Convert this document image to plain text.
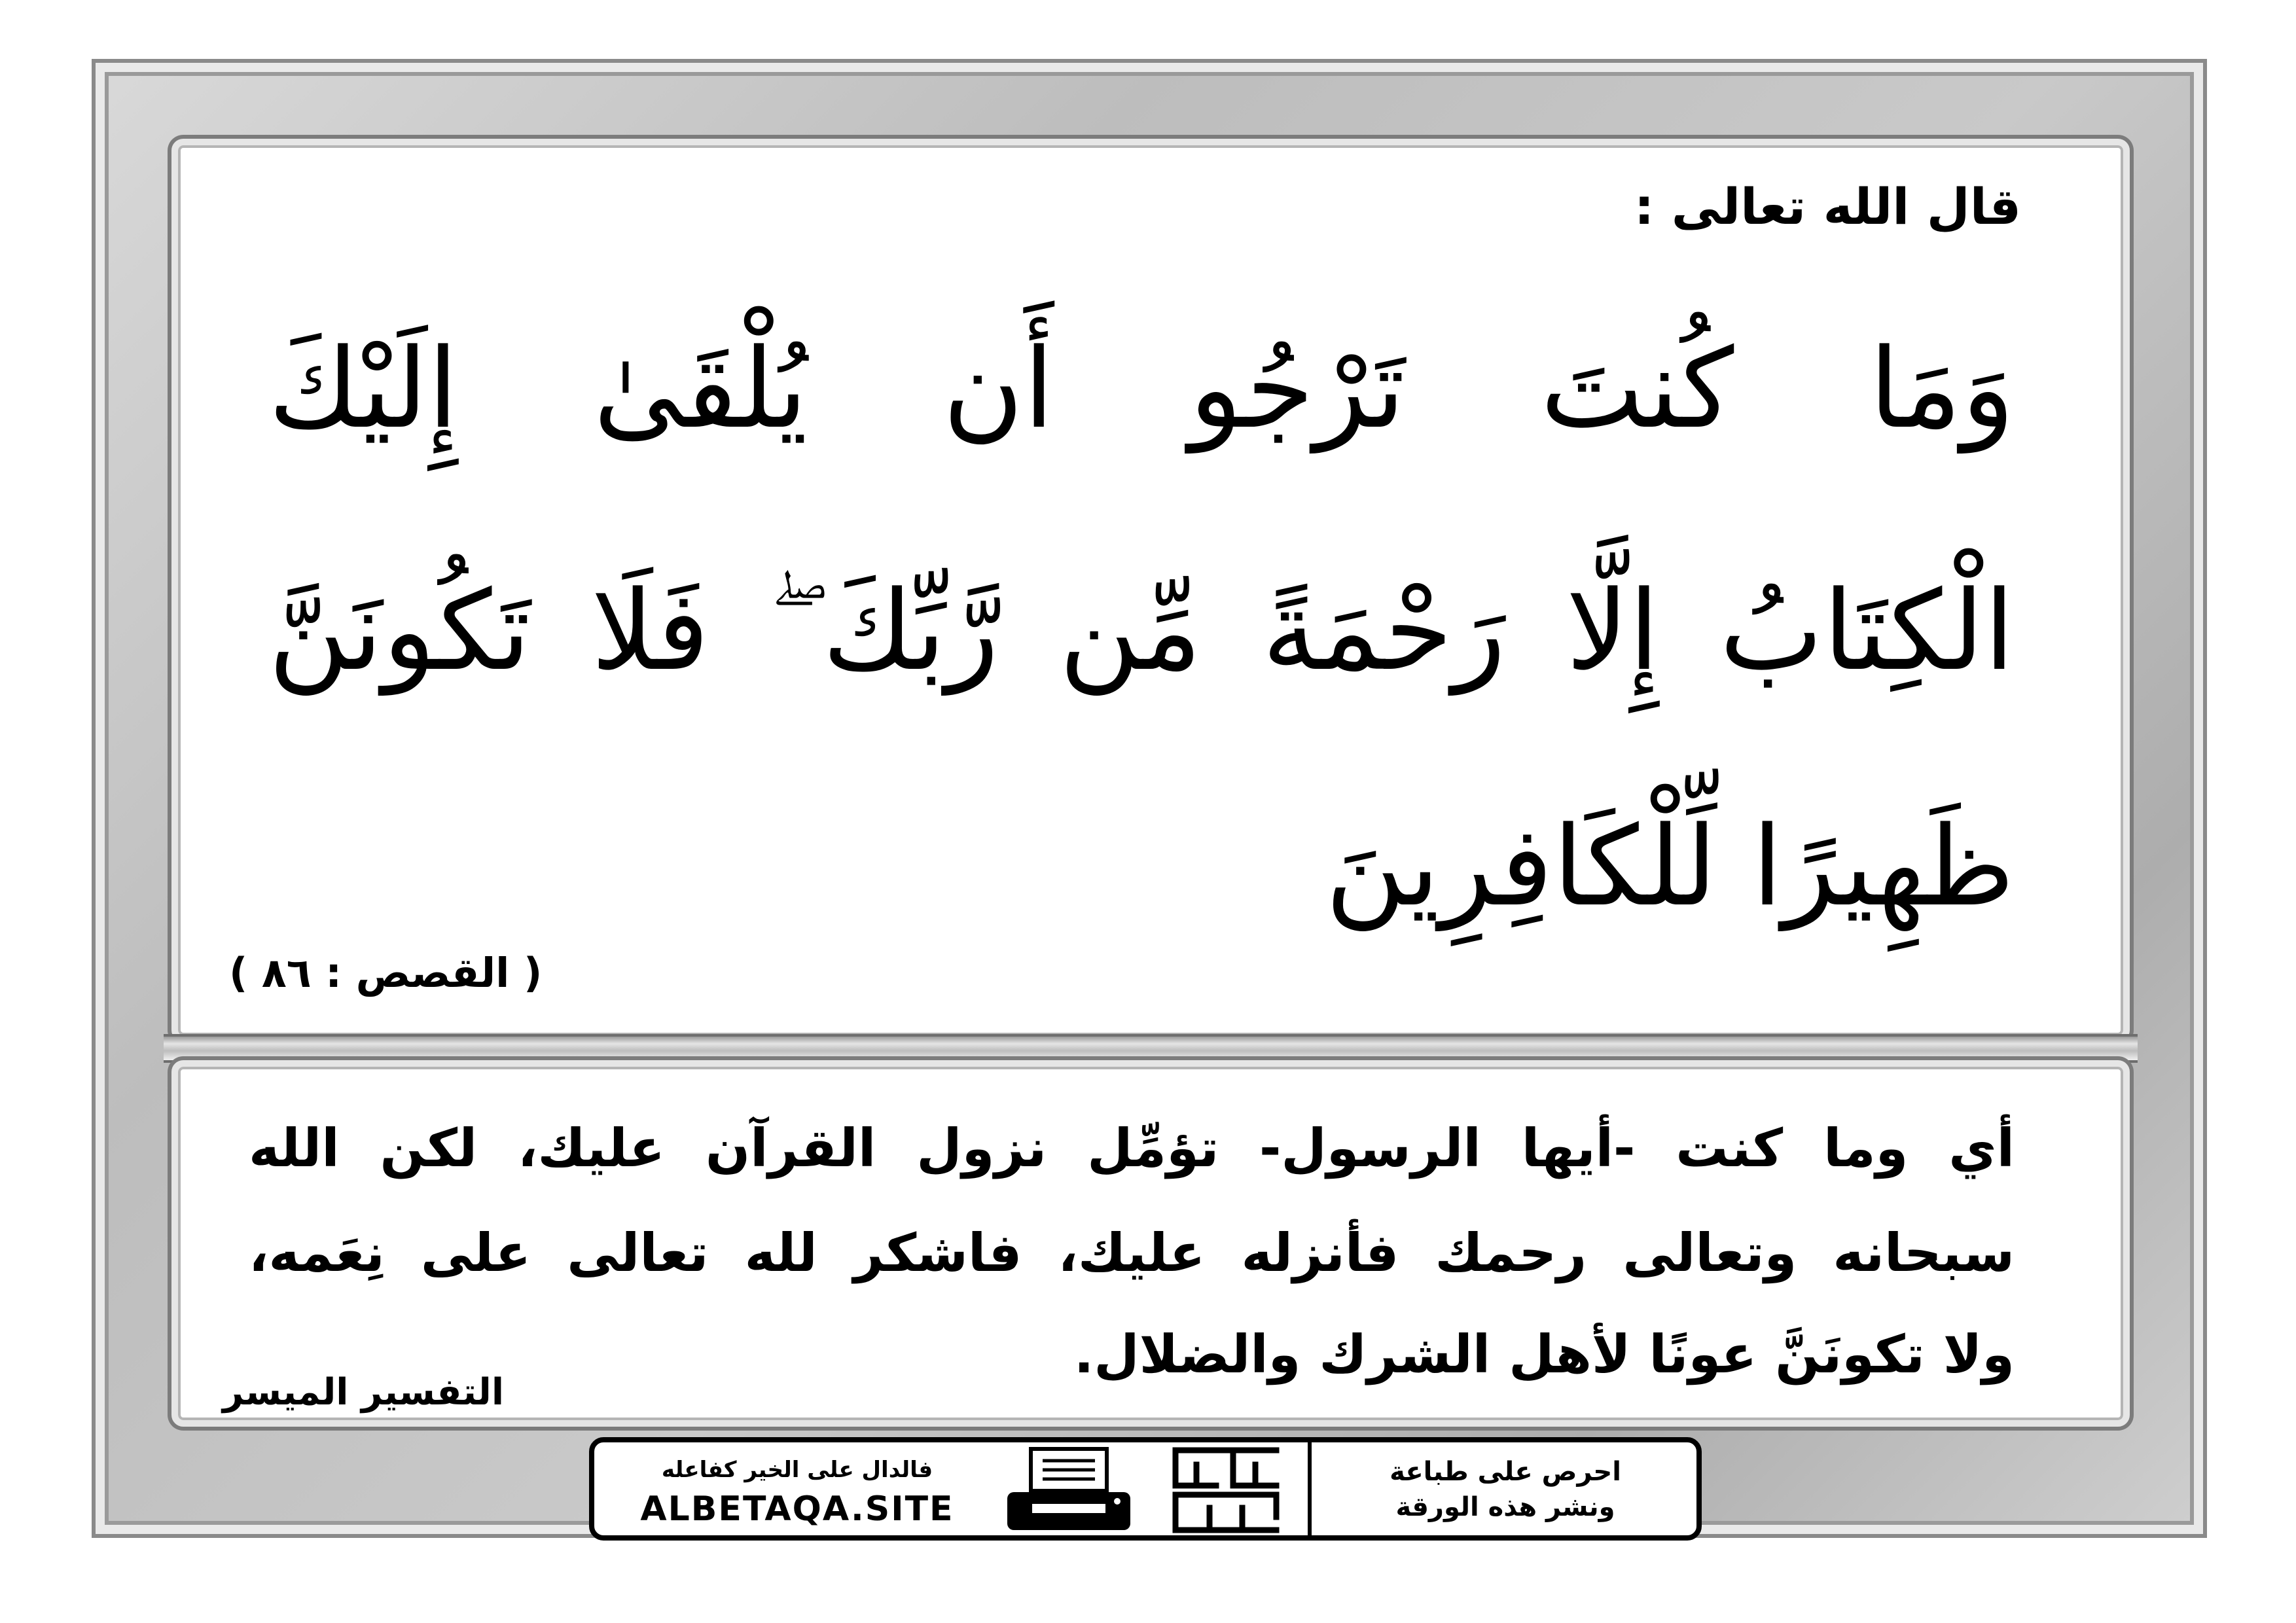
قال الله تعالى :
وَمَا كُنتَ تَرْجُو أَن يُلْقَىٰ إِلَيْكَ
الْكِتَابُ إِلَّا رَحْمَةً مِّن رَّبِّكَ ۖ فَلَا تَكُونَنَّ
ظَهِيرًا لِّلْكَافِرِينَ
( القصص : ٨٦ )
أي وما كنت -أيها الرسول- تؤمِّل نزول القرآن عليك، لكن الله
سبحانه وتعالى رحمك فأنزله عليك، فاشكر لله تعالى على نِعَمه،
ولا تكونَنَّ عونًا لأهل الشرك والضلال.
التفسير الميسر
فالدال على الخير كفاعله
ALBETAQA.SITE
احرص على طباعة
ونشر هذه الورقة
